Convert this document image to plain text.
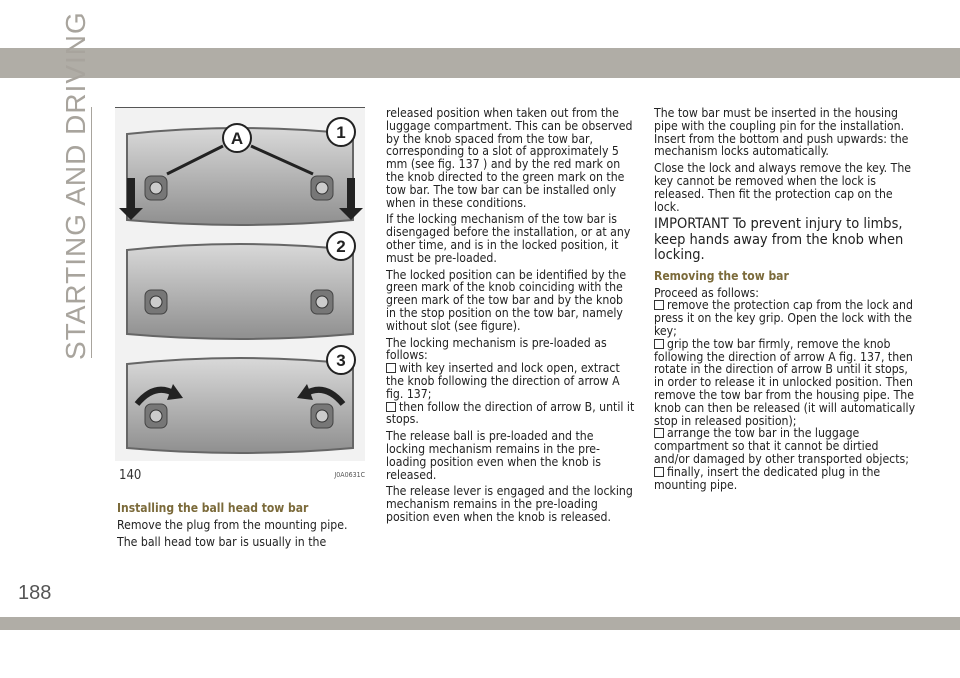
STARTING AND DRIVING
188
A	1
2
3
140	J0A0631C
Installing the ball head tow bar

Remove the plug from the mounting pipe.

The ball head tow bar is usually in the

released position when taken out from the luggage compartment. This can be observed by the knob spaced from the tow bar, corresponding to a slot of approximately 5 mm (see fig. 137 ) and by the red mark on the knob directed to the green mark on the tow bar. The tow bar can be installed only when in these conditions.

If the locking mechanism of the tow bar is disengaged before the installation, or at any other time, and is in the locked position, it must be pre-loaded.

The locked position can be identified by the green mark of the knob coinciding with the green mark of the tow bar and by the knob in the stop position on the tow bar, namely without slot (see figure).

The locking mechanism is pre-loaded as follows:
with key inserted and lock open, extract the knob following the direction of arrow A fig. 137;
then follow the direction of arrow B, until it stops.

The release ball is pre-loaded and the locking mechanism remains in the pre-loading position even when the knob is released.

The release lever is engaged and the locking mechanism remains in the pre-loading position even when the knob is released.

The tow bar must be inserted in the housing pipe with the coupling pin for the installation. Insert from the bottom and push upwards: the mechanism locks automatically.

Close the lock and always remove the key. The key cannot be removed when the lock is released. Then fit the protection cap on the lock.

IMPORTANT To prevent injury to limbs, keep hands away from the knob when locking.

Removing the tow bar

Proceed as follows:
remove the protection cap from the lock and press it on the key grip. Open the lock with the key;
grip the tow bar firmly, remove the knob following the direction of arrow A fig. 137, then rotate in the direction of arrow B until it stops, in order to release it in unlocked position. Then remove the tow bar from the housing pipe. The knob can then be released (it will automatically stop in released position);
arrange the tow bar in the luggage compartment so that it cannot be dirtied and/or damaged by other transported objects;
finally, insert the dedicated plug in the mounting pipe.
